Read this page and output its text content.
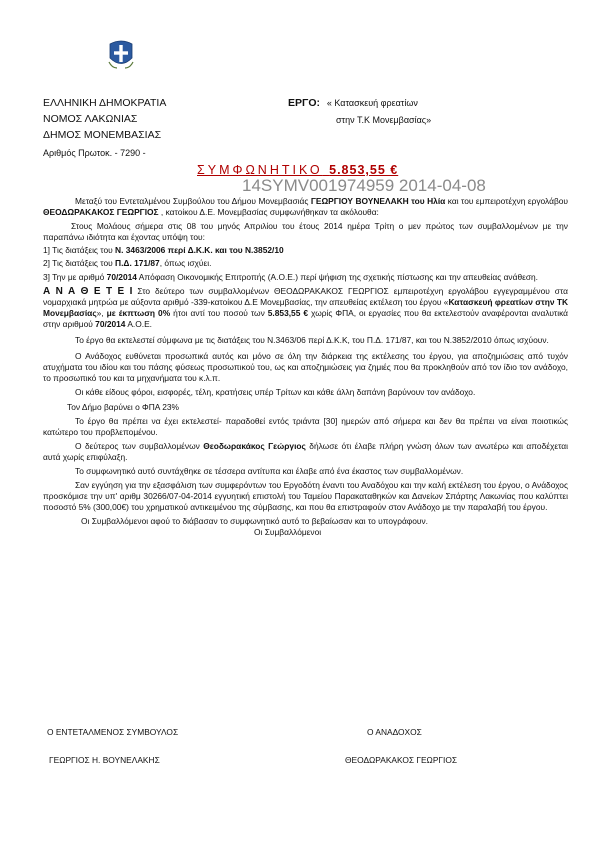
ΕΛΛΗΝΙΚΗ ΔΗΜΟΚΡΑΤΙΑ
ΝΟΜΟΣ ΛΑΚΩΝΙΑΣ
ΔΗΜΟΣ ΜΟΝΕΜΒΑΣΙΑΣ
Αριθμός Πρωτοκ. - 7290 -
ΕΡΓΟ: « Κατασκευή φρεατίων
στην Τ.Κ Μονεμβασίας»
ΣΥΜΦΩΝΗΤΙΚΟ 5.853,55 €
14SYMV001974959 2014-04-08

Μεταξύ του Εντεταλμένου Συμβούλου του Δήμου Μονεμβασιάς ΓΕΩΡΓΙΟΥ ΒΟΥΝΕΛΑΚΗ του Ηλία και του εμπειροτέχνη εργολάβου ΘΕΟΔΩΡΑΚΑΚΟΣ ΓΕΩΡΓΙΟΣ , κατοίκου Δ.Ε. Μονεμβασίας συμφωνήθηκαν τα ακόλουθα:

Στους Μολάους σήμερα στις 08 του μηνός Απριλίου του έτους 2014 ημέρα Τρίτη ο μεν πρώτος των συμβαλλομένων με την παραπάνω ιδιότητα και έχοντας υπόψη του:

1] Τις διατάξεις του Ν. 3463/2006 περί Δ.Κ.Κ. και του Ν.3852/10

2] Τις διατάξεις του Π.Δ. 171/87, όπως ισχύει.

3] Την με αριθμό 70/2014 Απόφαση Οικονομικής Επιτροπής (Α.Ο.Ε.) περί ψήφιση της σχετικής πίστωσης και την απευθείας ανάθεση.

Α Ν Α Θ Ε Τ Ε Ι Στο δεύτερο των συμβαλλομένων ΘΕΟΔΩΡΑΚΑΚΟΣ ΓΕΩΡΓΙΟΣ εμπειροτέχνη εργολάβου εγγεγραμμένου στα νομαρχιακά μητρώα με αύξοντα αριθμό -339-κατοίκου Δ.Ε Μονεμβασίας, την απευθείας εκτέλεση του έργου «Κατασκευή φρεατίων στην ΤΚ Μονεμβασίας», με έκπτωση 0% ήτοι αντί του ποσού των 5.853,55 € χωρίς ΦΠΑ, οι εργασίες που θα εκτελεστούν αναφέρονται αναλυτικά στην αριθμού 70/2014 Α.Ο.Ε.

Το έργο θα εκτελεστεί σύμφωνα με τις διατάξεις του Ν.3463/06 περί Δ.Κ.Κ, του Π.Δ. 171/87, και του Ν.3852/2010 όπως ισχύουν.

Ο Ανάδοχος ευθύνεται προσωπικά αυτός και μόνο σε όλη την διάρκεια της εκτέλεσης του έργου, για αποζημιώσεις από τυχόν ατυχήματα του ιδίου και του πάσης φύσεως προσωπικού του, ως και αποζημιώσεις για ζημιές που θα προκληθούν από τον ίδιο τον ανάδοχο, το προσωπικό του και τα μηχανήματα του κ.λ.π.

Οι κάθε είδους φόροι, εισφορές, τέλη, κρατήσεις υπέρ Τρίτων και κάθε άλλη δαπάνη βαρύνουν τον ανάδοχο.

Τον Δήμο βαρύνει ο ΦΠΑ 23%

Το έργο θα πρέπει να έχει εκτελεστεί- παραδοθεί εντός τριάντα [30] ημερών από σήμερα και δεν θα πρέπει να είναι ποιοτικώς κατώτερο του προβλεπομένου.

Ο δεύτερος των συμβαλλομένων Θεοδωρακάκος Γεώργιος δήλωσε ότι έλαβε πλήρη γνώση όλων των ανωτέρω και αποδέχεται αυτά χωρίς επιφύλαξη.

Το συμφωνητικό αυτό συντάχθηκε σε τέσσερα αντίτυπα και έλαβε από ένα έκαστος των συμβαλλομένων.

Σαν εγγύηση για την εξασφάλιση των συμφερόντων του Εργοδότη έναντι του Αναδόχου και την καλή εκτέλεση του έργου, ο Ανάδοχος προσκόμισε την υπ' αριθμ 30266/07-04-2014 εγγυητική επιστολή του Ταμείου Παρακαταθηκών και Δανείων Σπάρτης Λακωνίας που καλύπτει ποσοστό 5% (300,00€) του χρηματικού αντικειμένου της σύμβασης, και που θα επιστραφούν στον Ανάδοχο με την παραλαβή του έργου.

Οι Συμβαλλόμενοι αφού το διάβασαν το συμφωνητικό αυτό το βεβαίωσαν και το υπογράφουν.

Οι Συμβαλλόμενοι

Ο ΕΝΤΕΤΑΛΜΕΝΟΣ ΣΥΜΒΟΥΛΟΣ	Ο ΑΝΑΔΟΧΟΣ
ΓΕΩΡΓΙΟΣ Η. ΒΟΥΝΕΛΑΚΗΣ	ΘΕΟΔΩΡΑΚΑΚΟΣ ΓΕΩΡΓΙΟΣ
